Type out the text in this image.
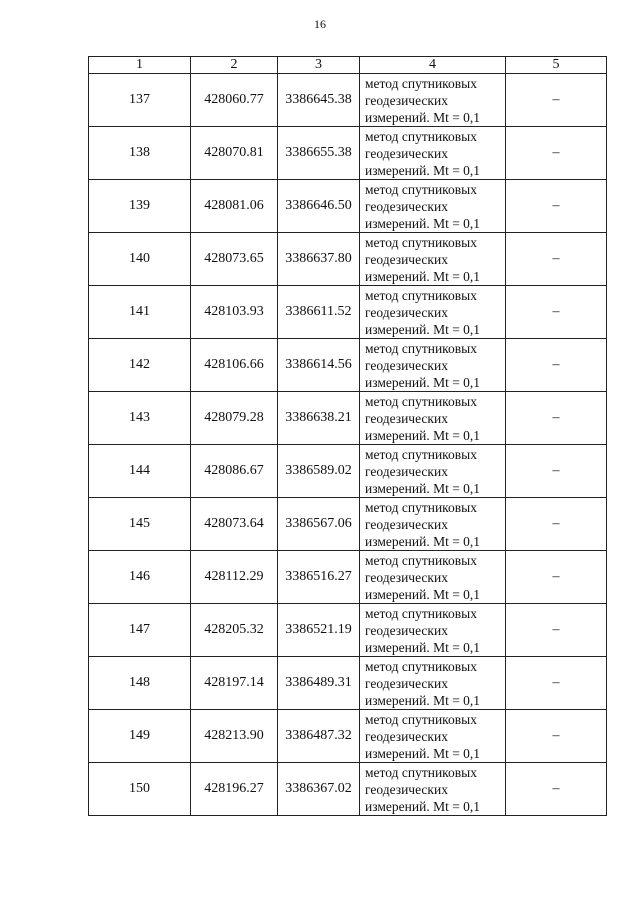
16
1	2	3	4	5
137	428060.77	3386645.38	метод спутниковых
геодезических
измерений. Mt = 0,1	–
138	428070.81	3386655.38	метод спутниковых
геодезических
измерений. Mt = 0,1	–
139	428081.06	3386646.50	метод спутниковых
геодезических
измерений. Mt = 0,1	–
140	428073.65	3386637.80	метод спутниковых
геодезических
измерений. Mt = 0,1	–
141	428103.93	3386611.52	метод спутниковых
геодезических
измерений. Mt = 0,1	–
142	428106.66	3386614.56	метод спутниковых
геодезических
измерений. Mt = 0,1	–
143	428079.28	3386638.21	метод спутниковых
геодезических
измерений. Mt = 0,1	–
144	428086.67	3386589.02	метод спутниковых
геодезических
измерений. Mt = 0,1	–
145	428073.64	3386567.06	метод спутниковых
геодезических
измерений. Mt = 0,1	–
146	428112.29	3386516.27	метод спутниковых
геодезических
измерений. Mt = 0,1	–
147	428205.32	3386521.19	метод спутниковых
геодезических
измерений. Mt = 0,1	–
148	428197.14	3386489.31	метод спутниковых
геодезических
измерений. Mt = 0,1	–
149	428213.90	3386487.32	метод спутниковых
геодезических
измерений. Mt = 0,1	–
150	428196.27	3386367.02	метод спутниковых
геодезических
измерений. Mt = 0,1	–
